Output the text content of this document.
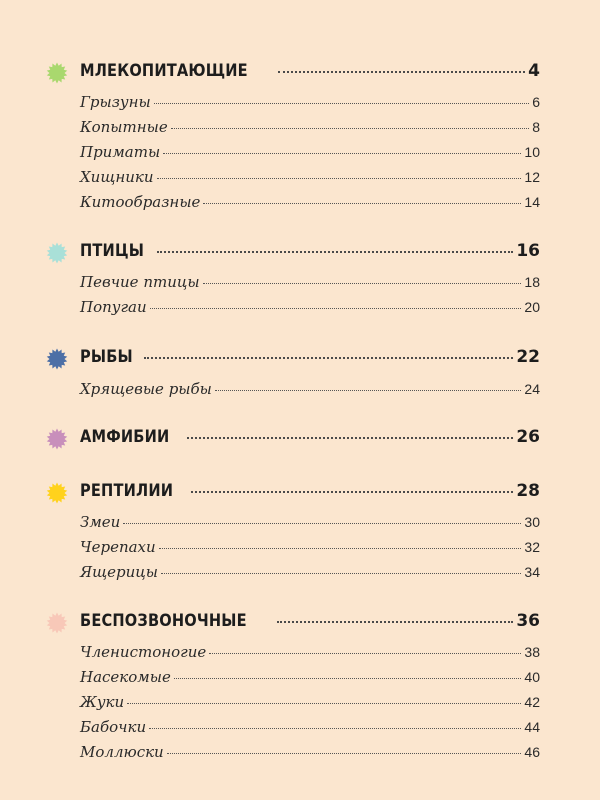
МЛЕКОПИТАЮЩИЕ	4
Грызуны	6
Копытные	8
Приматы	10
Хищники	12
Китообразные	14
ПТИЦЫ	16
Певчие птицы	18
Попугаи	20
РЫБЫ	22
Хрящевые рыбы	24
АМФИБИИ	26
РЕПТИЛИИ	28
Змеи	30
Черепахи	32
Ящерицы	34
БЕСПОЗВОНОЧНЫЕ	36
Членистоногие	38
Насекомые	40
Жуки	42
Бабочки	44
Моллюски	46
